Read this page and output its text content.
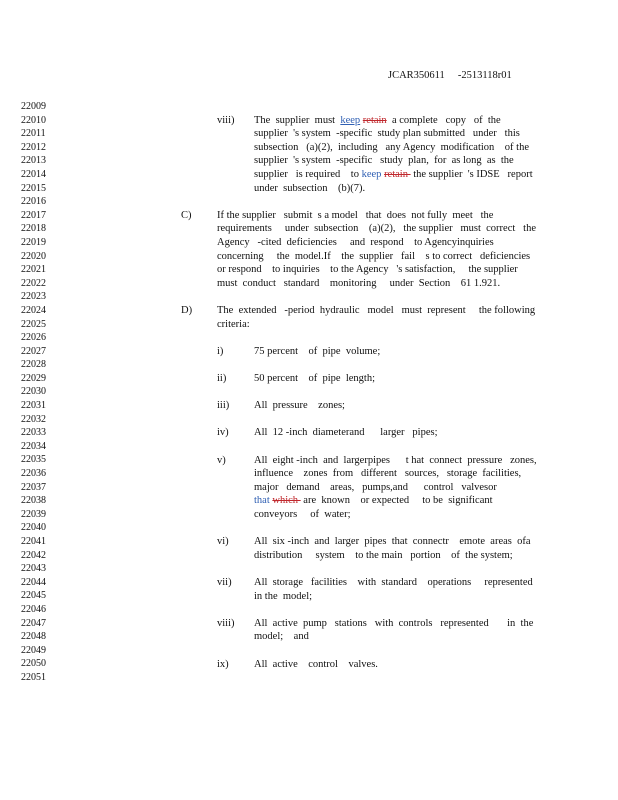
JCAR350611     -2513118r01
22009
22010
22011
22012
22013
22014
22015
22016
22017
22018
22019
22020
22021
22022
22023
22024
22025
22026
22027
22028
22029
22030
22031
22032
22033
22034
22035
22036
22037
22038
22039
22040
22041
22042
22043
22044
22045
22046
22047
22048
22049
22050
22051
viii) The  supplier  must  keep retain  a complete   copy   of  the
supplier  's system  -specific  study plan submitted   under   this
subsection   (a)(2),  including   any Agency  modification    of the
supplier  's system  -specific   study  plan,  for  as long  as  the
supplier   is required    to keep retain  the supplier  's IDSE   report
under  subsection    (b)(7).
C) If the supplier   submit  s a model   that  does  not fully  meet   the
requirements     under  subsection    (a)(2),   the supplier   must  correct   the
Agency   -cited  deficiencies     and  respond    to Agencyinquiries
concerning     the  model.If    the  supplier   fail    s to correct   deficiencies
or respond    to inquiries    to the Agency   's satisfaction,     the supplier
must  conduct   standard    monitoring     under  Section    61 1.921.
D) The  extended   -period  hydraulic   model   must  represent     the following
criteria:
i)	75 percent    of  pipe  volume;
ii)	50 percent    of  pipe  length;
iii) All  pressure    zones;
iv) All  12 -inch  diameterand      larger   pipes;
v)	All  eight -inch  and  largerpipes      t hat  connect  pressure   zones,
influence    zones  from   different   sources,   storage  facilities,
major   demand    areas,   pumps,and      control   valvesor
that which  are  known    or expected     to be  significant
conveyors     of  water;
vi) All  six -inch  and  larger  pipes  that  connectr    emote  areas  ofa
distribution     system    to the main   portion    of  the system;
vii) All  storage   facilities    with  standard    operations     represented
in the  model;
viii) All  active  pump   stations   with  controls   represented       in  the
model;    and
ix) All  active    control    valves.
